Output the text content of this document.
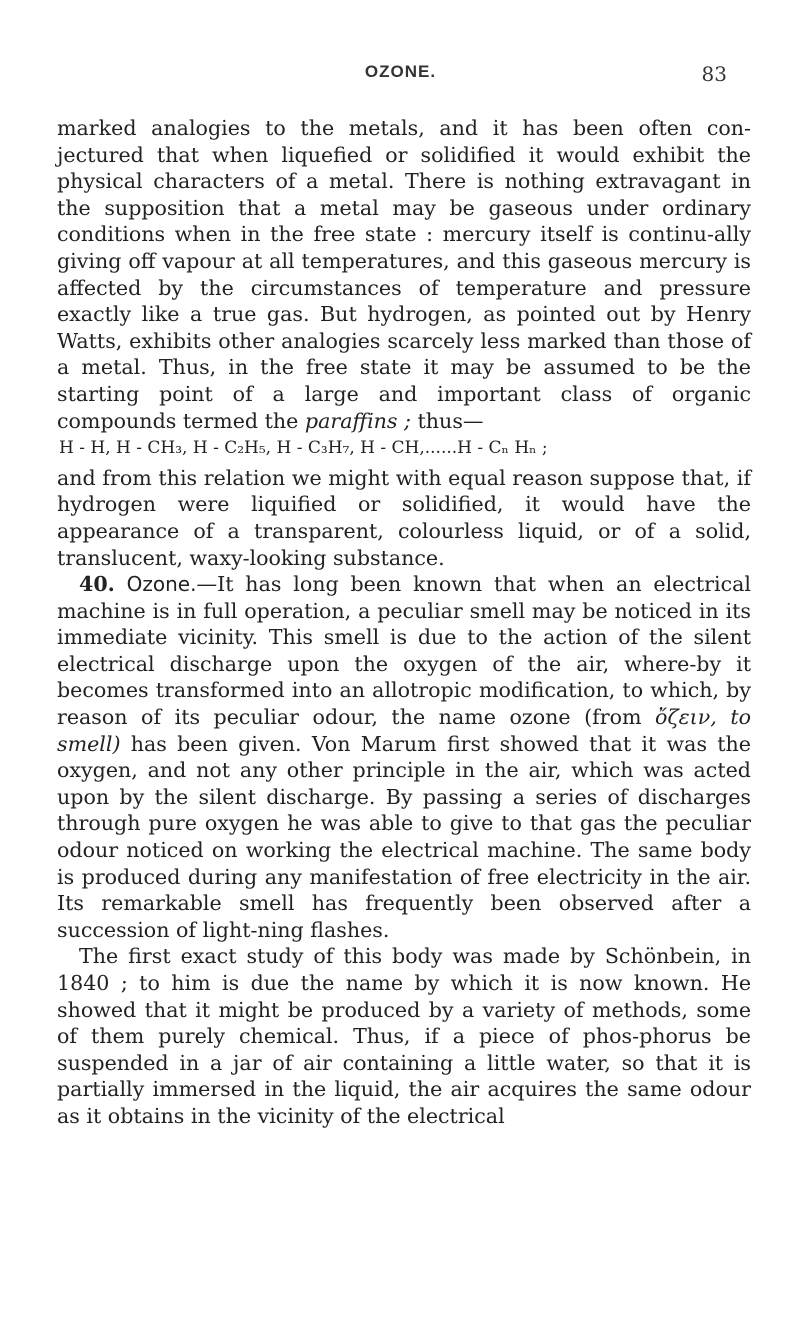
OZONE.	83

marked analogies to the metals, and it has been often con-jectured that when liquefied or solidified it would exhibit the physical characters of a metal. There is nothing extravagant in the supposition that a metal may be gaseous under ordinary conditions when in the free state : mercury itself is continu-ally giving off vapour at all temperatures, and this gaseous mercury is affected by the circumstances of temperature and pressure exactly like a true gas. But hydrogen, as pointed out by Henry Watts, exhibits other analogies scarcely less marked than those of a metal. Thus, in the free state it may be assumed to be the starting point of a large and important class of organic compounds termed the paraffins ; thus—

H - H, H - CH₃, H - C₂H₅, H - C₃H₇, H - CH,......H - Cₙ Hₙ ;

and from this relation we might with equal reason suppose that, if hydrogen were liquified or solidified, it would have the appearance of a transparent, colourless liquid, or of a solid, translucent, waxy-looking substance.

40. Ozone.—It has long been known that when an electrical machine is in full operation, a peculiar smell may be noticed in its immediate vicinity. This smell is due to the action of the silent electrical discharge upon the oxygen of the air, where-by it becomes transformed into an allotropic modification, to which, by reason of its peculiar odour, the name ozone (from ὄζειν, to smell) has been given. Von Marum first showed that it was the oxygen, and not any other principle in the air, which was acted upon by the silent discharge. By passing a series of discharges through pure oxygen he was able to give to that gas the peculiar odour noticed on working the electrical machine. The same body is produced during any manifestation of free electricity in the air. Its remarkable smell has frequently been observed after a succession of light-ning flashes.

The first exact study of this body was made by Schönbein, in 1840 ; to him is due the name by which it is now known. He showed that it might be produced by a variety of methods, some of them purely chemical. Thus, if a piece of phos-phorus be suspended in a jar of air containing a little water, so that it is partially immersed in the liquid, the air acquires the same odour as it obtains in the vicinity of the electrical
